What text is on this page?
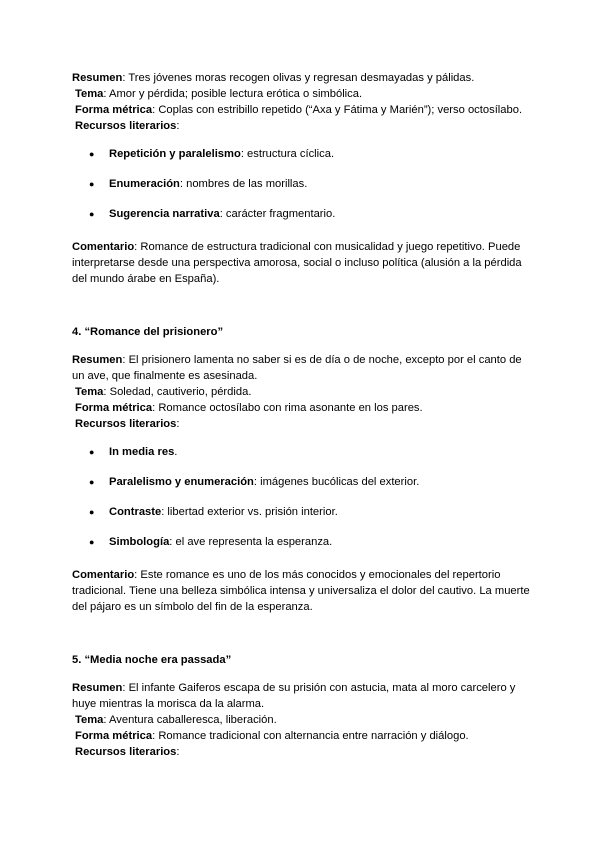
Resumen: Tres jóvenes moras recogen olivas y regresan desmayadas y pálidas.

Tema: Amor y pérdida; posible lectura erótica o simbólica.

Forma métrica: Coplas con estribillo repetido (“Axa y Fátima y Marién”); verso octosílabo.

Recursos literarios:

● Repetición y paralelismo: estructura cíclica.
● Enumeración: nombres de las morillas.
● Sugerencia narrativa: carácter fragmentario.

Comentario: Romance de estructura tradicional con musicalidad y juego repetitivo. Puede interpretarse desde una perspectiva amorosa, social o incluso política (alusión a la pérdida del mundo árabe en España).

4. “Romance del prisionero”

Resumen: El prisionero lamenta no saber si es de día o de noche, excepto por el canto de un ave, que finalmente es asesinada.

Tema: Soledad, cautiverio, pérdida.

Forma métrica: Romance octosílabo con rima asonante en los pares.

Recursos literarios:

● In media res.
● Paralelismo y enumeración: imágenes bucólicas del exterior.
● Contraste: libertad exterior vs. prisión interior.
● Simbología: el ave representa la esperanza.

Comentario: Este romance es uno de los más conocidos y emocionales del repertorio tradicional. Tiene una belleza simbólica intensa y universaliza el dolor del cautivo. La muerte del pájaro es un símbolo del fin de la esperanza.

5. “Media noche era passada”

Resumen: El infante Gaiferos escapa de su prisión con astucia, mata al moro carcelero y huye mientras la morisca da la alarma.

Tema: Aventura caballeresca, liberación.

Forma métrica: Romance tradicional con alternancia entre narración y diálogo.

Recursos literarios:
